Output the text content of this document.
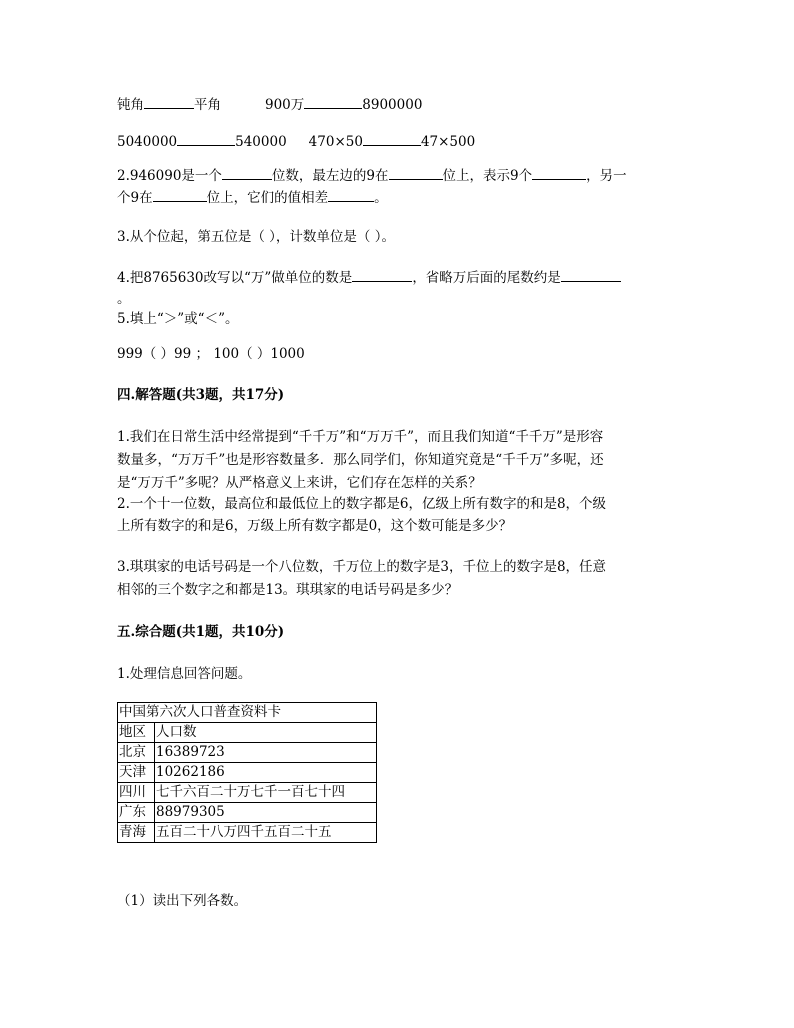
钝角	平角	900万	8900000
5040000	540000 470×50	47×500
2.946090是一个	位数，最左边的9在	位上，表示9个	，另一
个9在	位上，它们的值相差	。
3.从个位起，第五位是（ ），计数单位是（ ）。
4.把8765630改写以“万”做单位的数是	，省略万后面的尾数约是
。
5.填上“＞”或“＜”。
999（ ）99 ； 100（ ）1000
四.解答题(共3题，共17分)
1.我们在日常生活中经常提到“千千万”和“万万千”，而且我们知道“千千万”是形容
数量多，“万万千”也是形容数量多．那么同学们，你知道究竟是“千千万”多呢，还
是“万万千”多呢？从严格意义上来讲，它们存在怎样的关系？
2.一个十一位数，最高位和最低位上的数字都是6，亿级上所有数字的和是8，个级
上所有数字的和是6，万级上所有数字都是0，这个数可能是多少？
3.琪琪家的电话号码是一个八位数，千万位上的数字是3，千位上的数字是8，任意
相邻的三个数字之和都是13。琪琪家的电话号码是多少？
五.综合题(共1题，共10分)
1.处理信息回答问题。
中国第六次人口普查资料卡	
地区	人口数
北京	16389723
天津	10262186
四川	七千六百二十万七千一百七十四
广东	88979305
青海	五百二十八万四千五百二十五
（1）读出下列各数。
